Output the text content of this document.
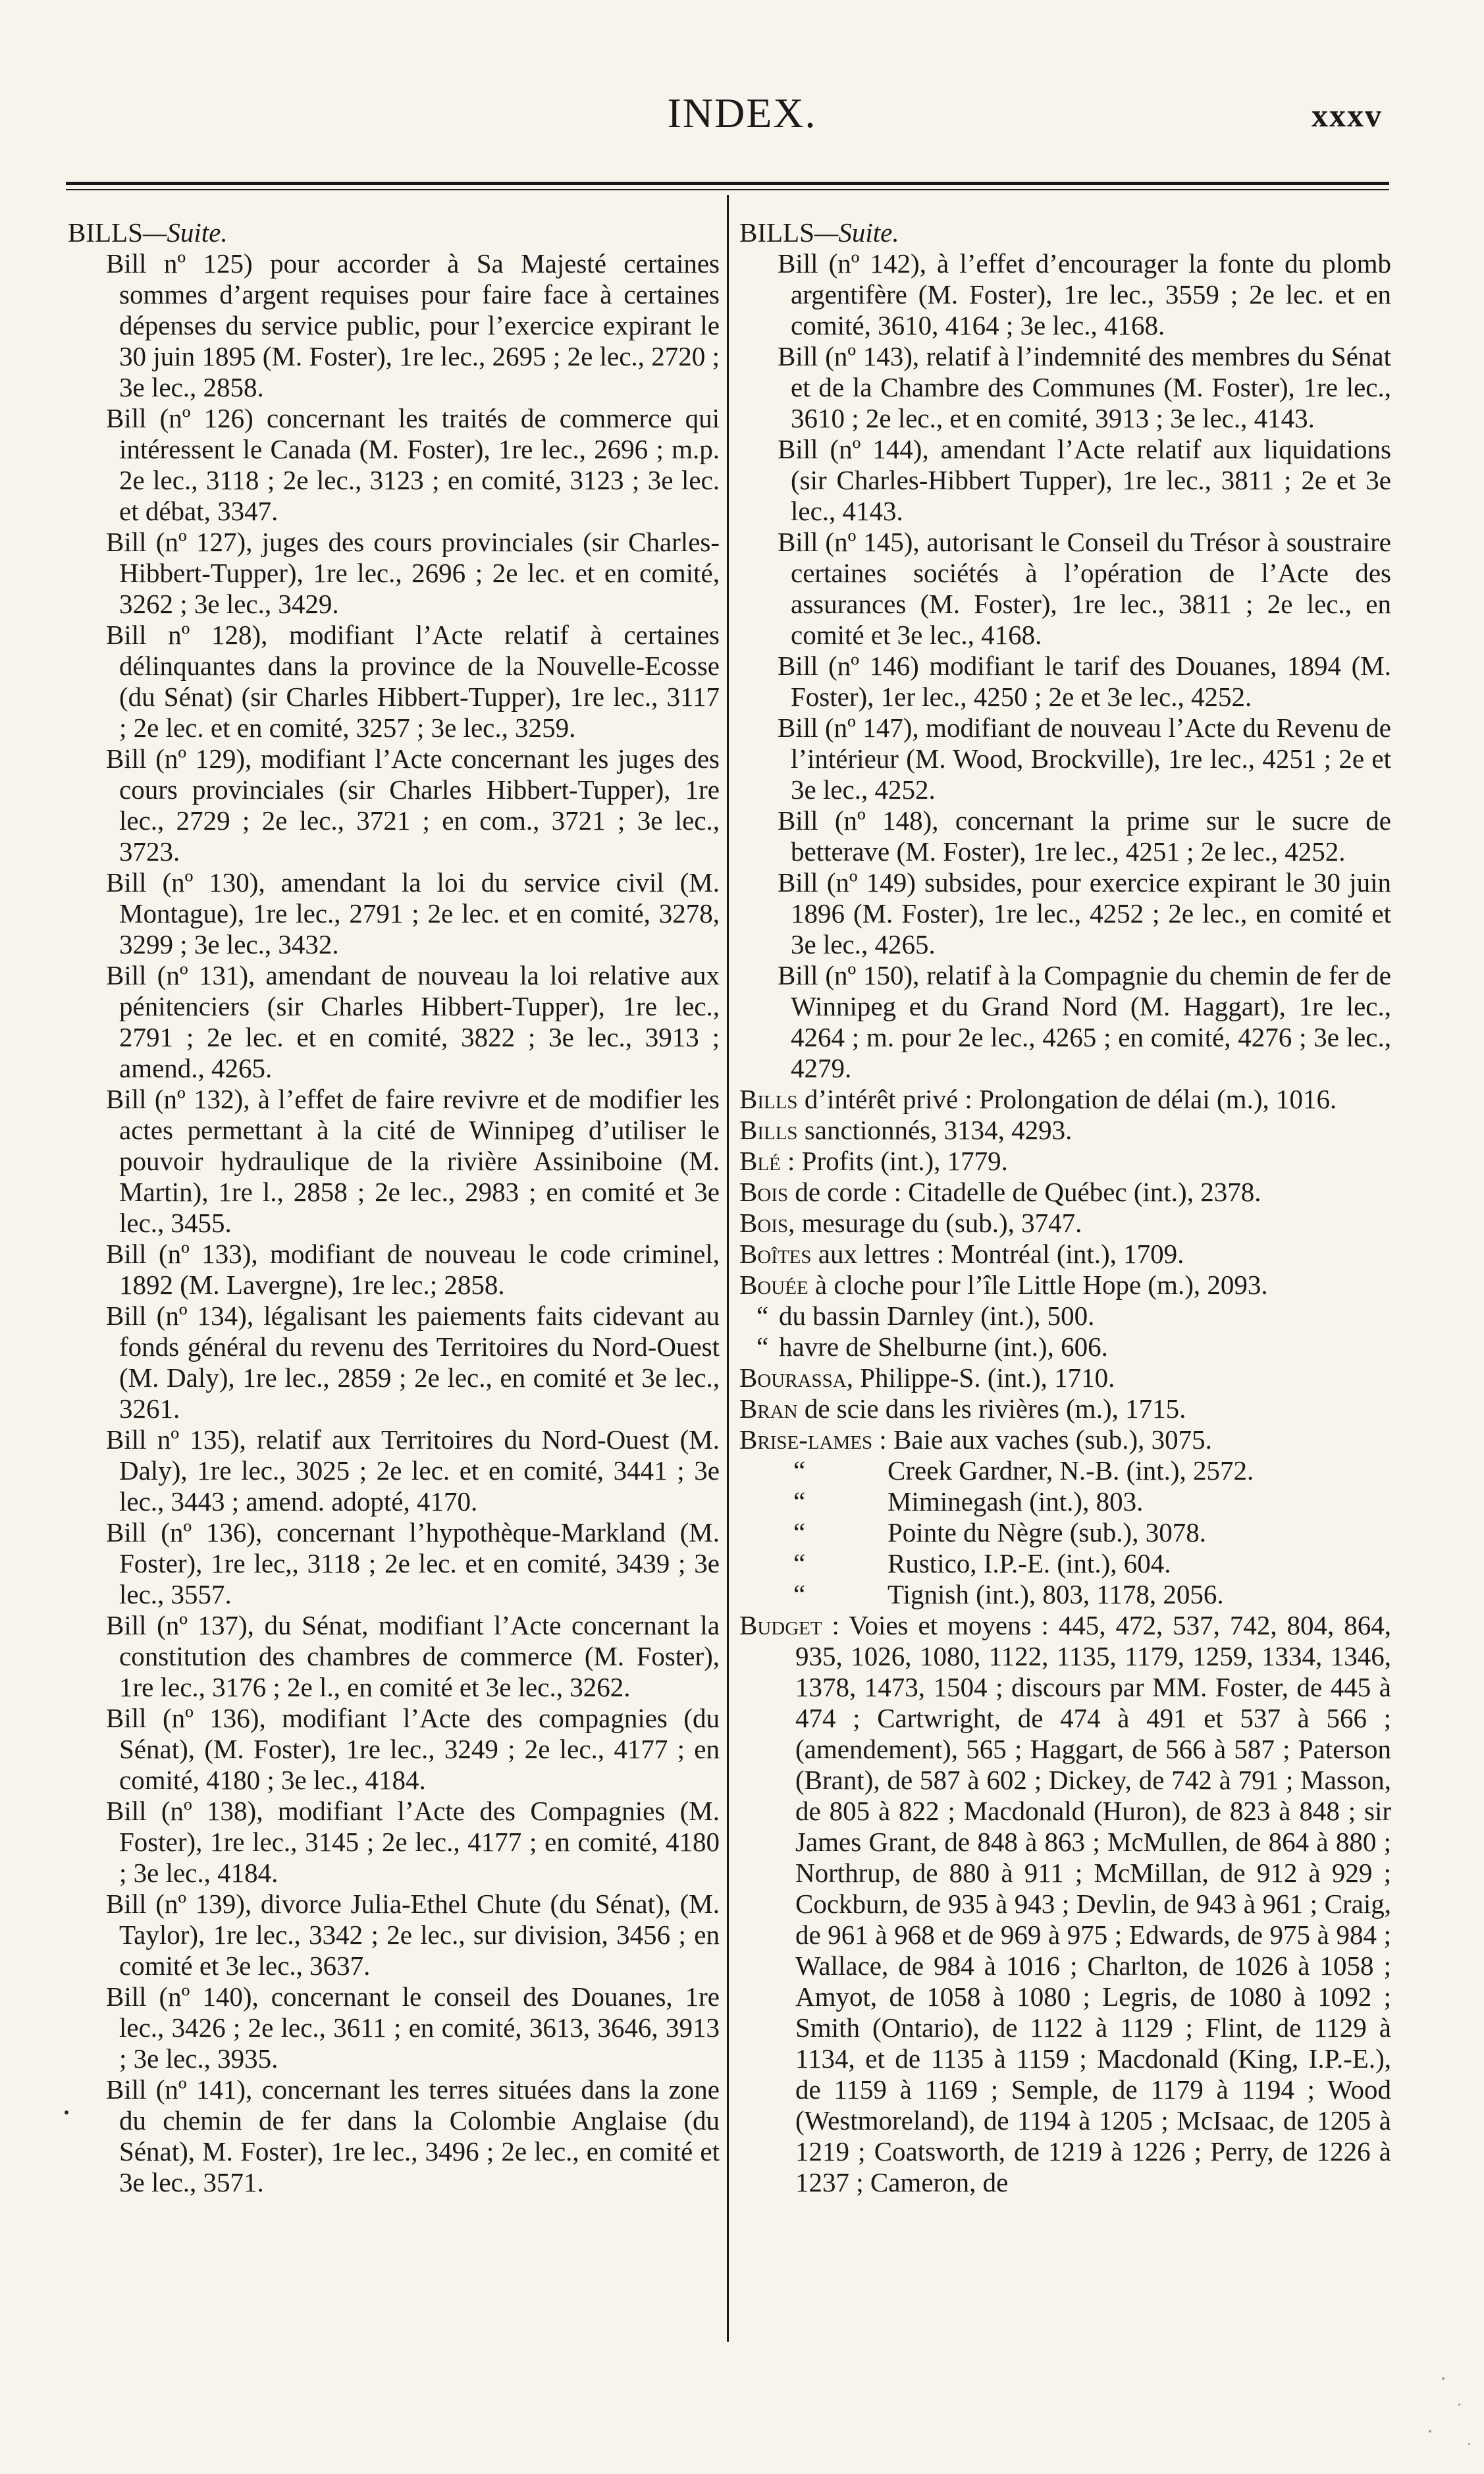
INDEX.	xxxv
BILLS—Suite.

Bill nº 125) pour accorder à Sa Majesté certaines sommes d’argent requises pour faire face à certaines dépenses du service public, pour l’exercice expirant le 30 juin 1895 (M. Foster), 1re lec., 2695 ; 2e lec., 2720 ; 3e lec., 2858.

Bill (nº 126) concernant les traités de commerce qui intéressent le Canada (M. Foster), 1re lec., 2696 ; m.p. 2e lec., 3118 ; 2e lec., 3123 ; en comité, 3123 ; 3e lec. et débat, 3347.

Bill (nº 127), juges des cours provinciales (sir Charles-Hibbert-Tupper), 1re lec., 2696 ; 2e lec. et en comité, 3262 ; 3e lec., 3429.

Bill nº 128), modifiant l’Acte relatif à certaines délinquantes dans la province de la Nouvelle-Ecosse (du Sénat) (sir Charles Hibbert-Tupper), 1re lec., 3117 ; 2e lec. et en comité, 3257 ; 3e lec., 3259.

Bill (nº 129), modifiant l’Acte concernant les juges des cours provinciales (sir Charles Hibbert-Tupper), 1re lec., 2729 ; 2e lec., 3721 ; en com., 3721 ; 3e lec., 3723.

Bill (nº 130), amendant la loi du service civil (M. Montague), 1re lec., 2791 ; 2e lec. et en comité, 3278, 3299 ; 3e lec., 3432.

Bill (nº 131), amendant de nouveau la loi relative aux pénitenciers (sir Charles Hibbert-Tupper), 1re lec., 2791 ; 2e lec. et en comité, 3822 ; 3e lec., 3913 ; amend., 4265.

Bill (nº 132), à l’effet de faire revivre et de modifier les actes permettant à la cité de Winnipeg d’utiliser le pouvoir hydraulique de la rivière Assiniboine (M. Martin), 1re l., 2858 ; 2e lec., 2983 ; en comité et 3e lec., 3455.

Bill (nº 133), modifiant de nouveau le code criminel, 1892 (M. Lavergne), 1re lec.; 2858.

Bill (nº 134), légalisant les paiements faits cidevant au fonds général du revenu des Territoires du Nord-Ouest (M. Daly), 1re lec., 2859 ; 2e lec., en comité et 3e lec., 3261.

Bill nº 135), relatif aux Territoires du Nord-Ouest (M. Daly), 1re lec., 3025 ; 2e lec. et en comité, 3441 ; 3e lec., 3443 ; amend. adopté, 4170.

Bill (nº 136), concernant l’hypothèque-Markland (M. Foster), 1re lec,, 3118 ; 2e lec. et en comité, 3439 ; 3e lec., 3557.

Bill (nº 137), du Sénat, modifiant l’Acte concernant la constitution des chambres de commerce (M. Foster), 1re lec., 3176 ; 2e l., en comité et 3e lec., 3262.

Bill (nº 136), modifiant l’Acte des compagnies (du Sénat), (M. Foster), 1re lec., 3249 ; 2e lec., 4177 ; en comité, 4180 ; 3e lec., 4184.

Bill (nº 138), modifiant l’Acte des Compagnies (M. Foster), 1re lec., 3145 ; 2e lec., 4177 ; en comité, 4180 ; 3e lec., 4184.

Bill (nº 139), divorce Julia-Ethel Chute (du Sénat), (M. Taylor), 1re lec., 3342 ; 2e lec., sur division, 3456 ; en comité et 3e lec., 3637.

Bill (nº 140), concernant le conseil des Douanes, 1re lec., 3426 ; 2e lec., 3611 ; en comité, 3613, 3646, 3913 ; 3e lec., 3935.

Bill (nº 141), concernant les terres situées dans la zone du chemin de fer dans la Colombie Anglaise (du Sénat), M. Foster), 1re lec., 3496 ; 2e lec., en comité et 3e lec., 3571.

BILLS—Suite.

Bill (nº 142), à l’effet d’encourager la fonte du plomb argentifère (M. Foster), 1re lec., 3559 ; 2e lec. et en comité, 3610, 4164 ; 3e lec., 4168.

Bill (nº 143), relatif à l’indemnité des membres du Sénat et de la Chambre des Communes (M. Foster), 1re lec., 3610 ; 2e lec., et en comité, 3913 ; 3e lec., 4143.

Bill (nº 144), amendant l’Acte relatif aux liquidations (sir Charles-Hibbert Tupper), 1re lec., 3811 ; 2e et 3e lec., 4143.

Bill (nº 145), autorisant le Conseil du Trésor à soustraire certaines sociétés à l’opération de l’Acte des assurances (M. Foster), 1re lec., 3811 ; 2e lec., en comité et 3e lec., 4168.

Bill (nº 146) modifiant le tarif des Douanes, 1894 (M. Foster), 1er lec., 4250 ; 2e et 3e lec., 4252.

Bill (nº 147), modifiant de nouveau l’Acte du Revenu de l’intérieur (M. Wood, Brockville), 1re lec., 4251 ; 2e et 3e lec., 4252.

Bill (nº 148), concernant la prime sur le sucre de betterave (M. Foster), 1re lec., 4251 ; 2e lec., 4252.

Bill (nº 149) subsides, pour exercice expirant le 30 juin 1896 (M. Foster), 1re lec., 4252 ; 2e lec., en comité et 3e lec., 4265.

Bill (nº 150), relatif à la Compagnie du chemin de fer de Winnipeg et du Grand Nord (M. Haggart), 1re lec., 4264 ; m. pour 2e lec., 4265 ; en comité, 4276 ; 3e lec., 4279.

Bills d’intérêt privé : Prolongation de délai (m.), 1016.

Bills sanctionnés, 3134, 4293.

Blé : Profits (int.), 1779.

Bois de corde : Citadelle de Québec (int.), 2378.

Bois, mesurage du (sub.), 3747.

Boîtes aux lettres : Montréal (int.), 1709.

Bouée à cloche pour l’île Little Hope (m.), 2093.

“ du bassin Darnley (int.), 500.

“ havre de Shelburne (int.), 606.

Bourassa, Philippe-S. (int.), 1710.

Bran de scie dans les rivières (m.), 1715.

Brise-lames : Baie aux vaches (sub.), 3075.

“	Creek Gardner, N.-B. (int.), 2572.

“	Miminegash (int.), 803.

“	Pointe du Nègre (sub.), 3078.

“	Rustico, I.P.-E. (int.), 604.

“	Tignish (int.), 803, 1178, 2056.

Budget : Voies et moyens : 445, 472, 537, 742, 804, 864, 935, 1026, 1080, 1122, 1135, 1179, 1259, 1334, 1346, 1378, 1473, 1504 ; discours par MM. Foster, de 445 à 474 ; Cartwright, de 474 à 491 et 537 à 566 ; (amendement), 565 ; Haggart, de 566 à 587 ; Paterson (Brant), de 587 à 602 ; Dickey, de 742 à 791 ; Masson, de 805 à 822 ; Macdonald (Huron), de 823 à 848 ; sir James Grant, de 848 à 863 ; McMullen, de 864 à 880 ; Northrup, de 880 à 911 ; McMillan, de 912 à 929 ; Cockburn, de 935 à 943 ; Devlin, de 943 à 961 ; Craig, de 961 à 968 et de 969 à 975 ; Edwards, de 975 à 984 ; Wallace, de 984 à 1016 ; Charlton, de 1026 à 1058 ; Amyot, de 1058 à 1080 ; Legris, de 1080 à 1092 ; Smith (Ontario), de 1122 à 1129 ; Flint, de 1129 à 1134, et de 1135 à 1159 ; Macdonald (King, I.P.-E.), de 1159 à 1169 ; Semple, de 1179 à 1194 ; Wood (Westmoreland), de 1194 à 1205 ; McIsaac, de 1205 à 1219 ; Coatsworth, de 1219 à 1226 ; Perry, de 1226 à 1237 ; Cameron, de
